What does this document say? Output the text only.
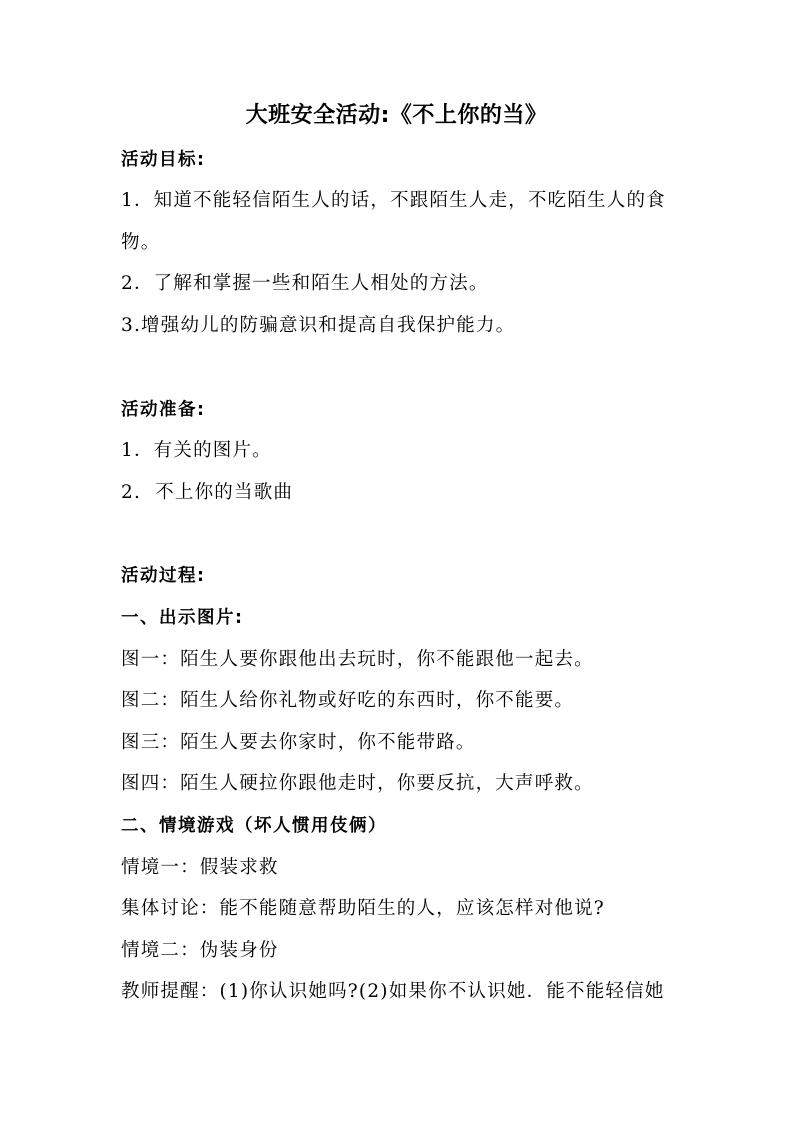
大班安全活动:《不上你的当》
活动目标:
1．知道不能轻信陌生人的话，不跟陌生人走，不吃陌生人的食
物。
2．了解和掌握一些和陌生人相处的方法。
3.增强幼儿的防骗意识和提高自我保护能力。
活动准备:
1．有关的图片。
2.  不上你的当歌曲
活动过程:
一、出示图片:
图一：陌生人要你跟他出去玩时，你不能跟他一起去。
图二：陌生人给你礼物或好吃的东西时，你不能要。
图三：陌生人要去你家时，你不能带路。
图四：陌生人硬拉你跟他走时，你要反抗，大声呼救。
二、情境游戏（坏人惯用伎俩）
情境一：假装求救
集体讨论：能不能随意帮助陌生的人，应该怎样对他说?
情境二：伪装身份
教师提醒：(1)你认识她吗?(2)如果你不认识她．能不能轻信她
